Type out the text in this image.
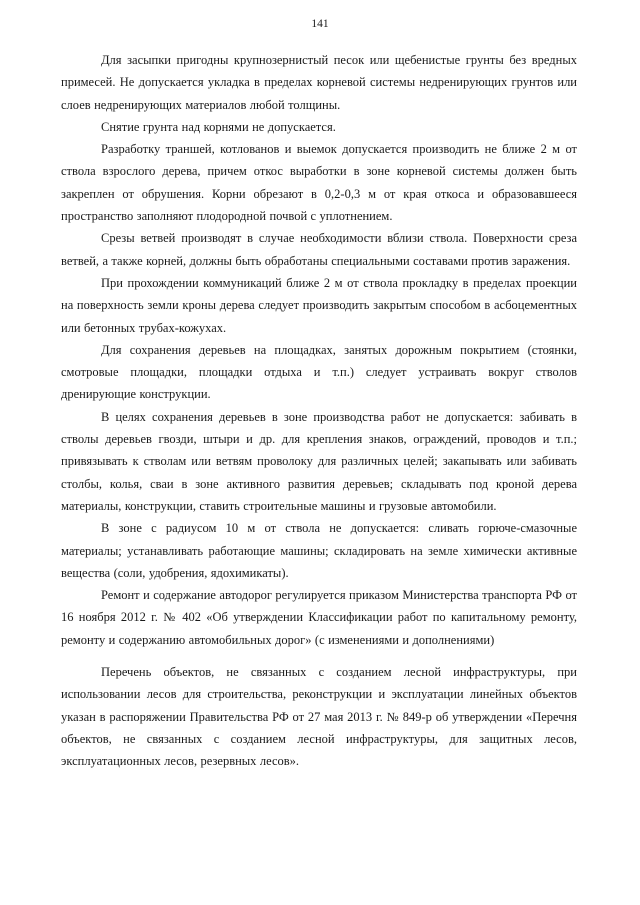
141

Для засыпки пригодны крупнозернистый песок или щебенистые грунты без вредных примесей. Не допускается укладка в пределах корневой системы недренирующих грунтов или слоев недренирующих материалов любой толщины.

Снятие грунта над корнями не допускается.

Разработку траншей, котлованов и выемок допускается производить не ближе 2 м от ствола взрослого дерева, причем откос выработки в зоне корневой системы должен быть закреплен от обрушения. Корни обрезают в 0,2-0,3 м от края откоса и образовавшееся пространство заполняют плодородной почвой с уплотнением.

Срезы ветвей производят в случае необходимости вблизи ствола. Поверхности среза ветвей, а также корней, должны быть обработаны специальными составами против заражения.

При прохождении коммуникаций ближе 2 м от ствола прокладку в пределах проекции на поверхность земли кроны дерева следует производить закрытым способом в асбоцементных или бетонных трубах-кожухах.

Для сохранения деревьев на площадках, занятых дорожным покрытием (стоянки, смотровые площадки, площадки отдыха и т.п.) следует устраивать вокруг стволов дренирующие конструкции.

В целях сохранения деревьев в зоне производства работ не допускается: забивать в стволы деревьев гвозди, штыри и др. для крепления знаков, ограждений, проводов и т.п.; привязывать к стволам или ветвям проволоку для различных целей; закапывать или забивать столбы, колья, сваи в зоне активного развития деревьев; складывать под кроной дерева материалы, конструкции, ставить строительные машины и грузовые автомобили.

В зоне с радиусом 10 м от ствола не допускается: сливать горюче-смазочные материалы; устанавливать работающие машины; складировать на земле химически активные вещества (соли, удобрения, ядохимикаты).

Ремонт и содержание автодорог регулируется приказом Министерства транспорта РФ от 16 ноября 2012 г. № 402 «Об утверждении Классификации работ по капитальному ремонту, ремонту и содержанию автомобильных дорог» (с изменениями и дополнениями)

Перечень объектов, не связанных с созданием лесной инфраструктуры, при использовании лесов для строительства, реконструкции и эксплуатации линейных объектов указан в распоряжении Правительства РФ от 27 мая 2013 г. № 849-р об утверждении «Перечня объектов, не связанных с созданием лесной инфраструктуры, для защитных лесов, эксплуатационных лесов, резервных лесов».
